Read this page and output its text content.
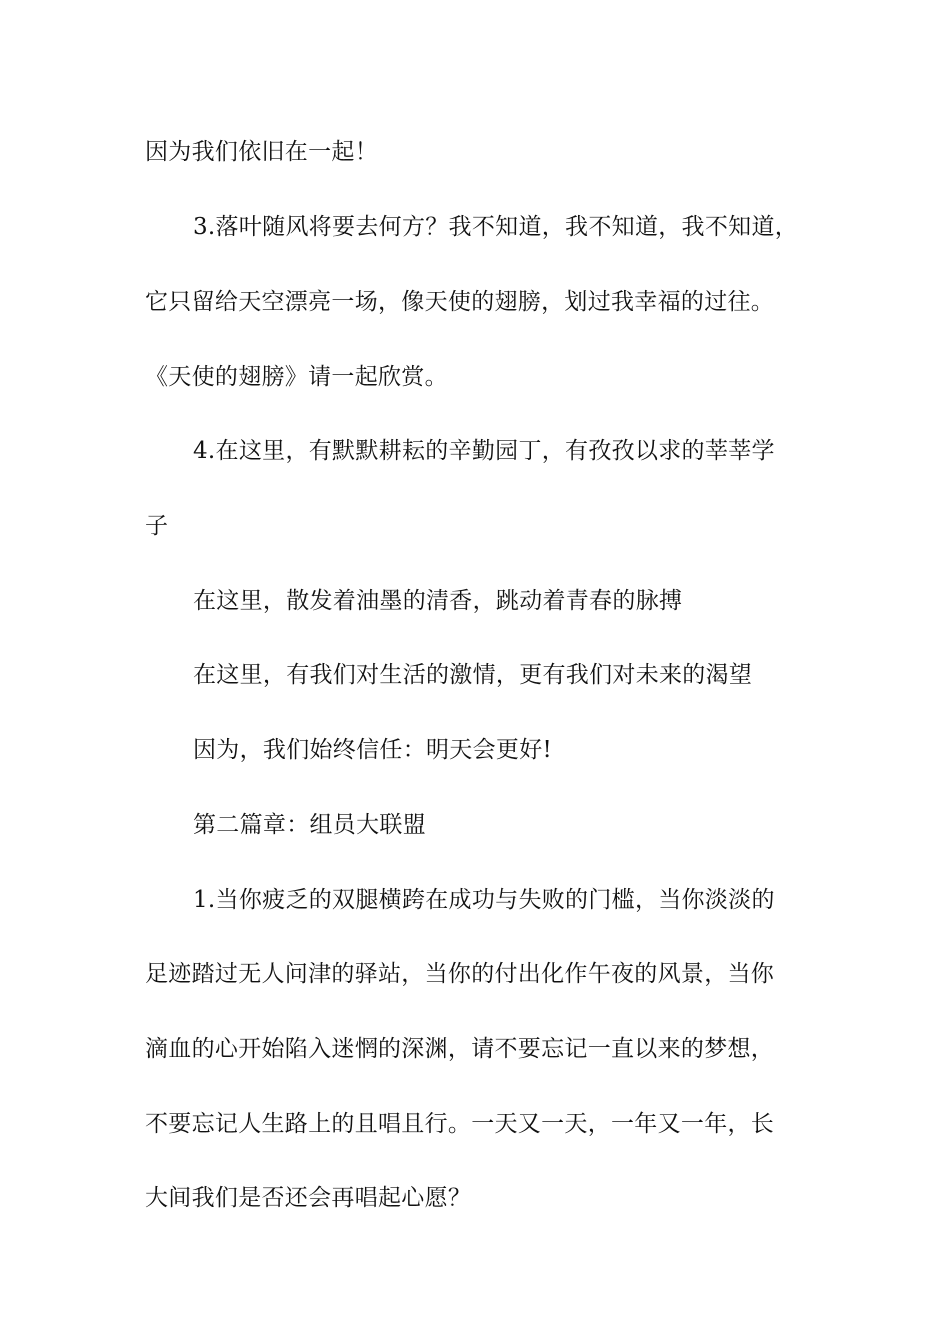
因为我们依旧在一起！
3.落叶随风将要去何方？我不知道，我不知道，我不知道，
它只留给天空漂亮一场，像天使的翅膀，划过我幸福的过往。
《天使的翅膀》请一起欣赏。
4.在这里，有默默耕耘的辛勤园丁，有孜孜以求的莘莘学
子
在这里，散发着油墨的清香，跳动着青春的脉搏
在这里，有我们对生活的激情，更有我们对未来的渴望
因为，我们始终信任：明天会更好!
第二篇章：组员大联盟
1.当你疲乏的双腿横跨在成功与失败的门槛，当你淡淡的
足迹踏过无人问津的驿站，当你的付出化作午夜的风景，当你
滴血的心开始陷入迷惘的深渊，请不要忘记一直以来的梦想，
不要忘记人生路上的且唱且行。一天又一天，一年又一年，长
大间我们是否还会再唱起心愿？
